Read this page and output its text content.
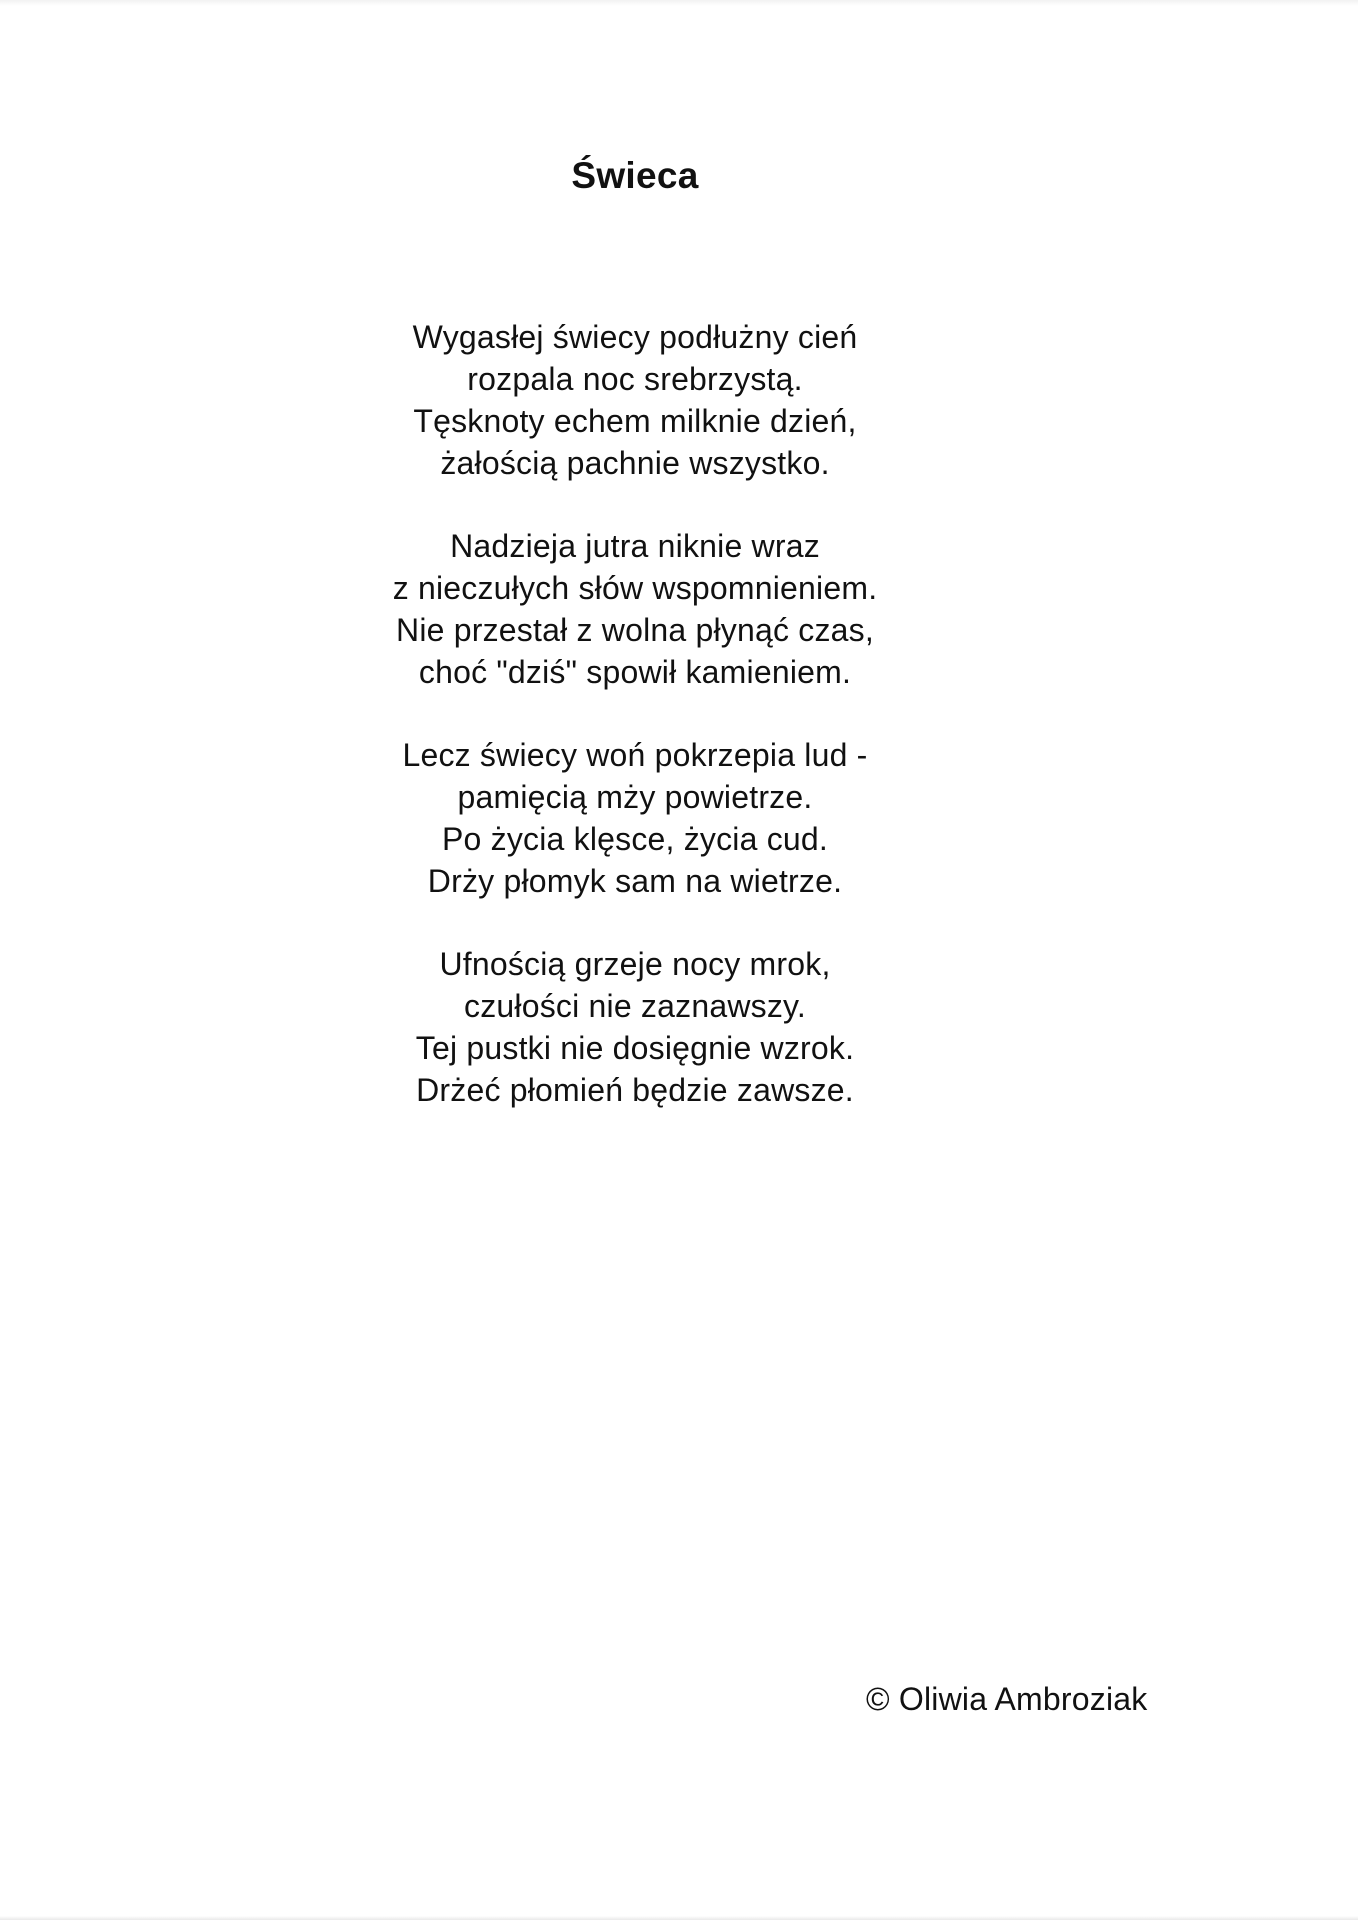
Świeca
Wygasłej świecy podłużny cień
rozpala noc srebrzystą.
Tęsknoty echem milknie dzień,
żałością pachnie wszystko.
Nadzieja jutra niknie wraz
z nieczułych słów wspomnieniem.
Nie przestał z wolna płynąć czas,
choć "dziś" spowił kamieniem.
Lecz świecy woń pokrzepia lud -
pamięcią mży powietrze.
Po życia klęsce, życia cud.
Drży płomyk sam na wietrze.
Ufnością grzeje nocy mrok,
czułości nie zaznawszy.
Tej pustki nie dosięgnie wzrok.
Drżeć płomień będzie zawsze.
© Oliwia Ambroziak
